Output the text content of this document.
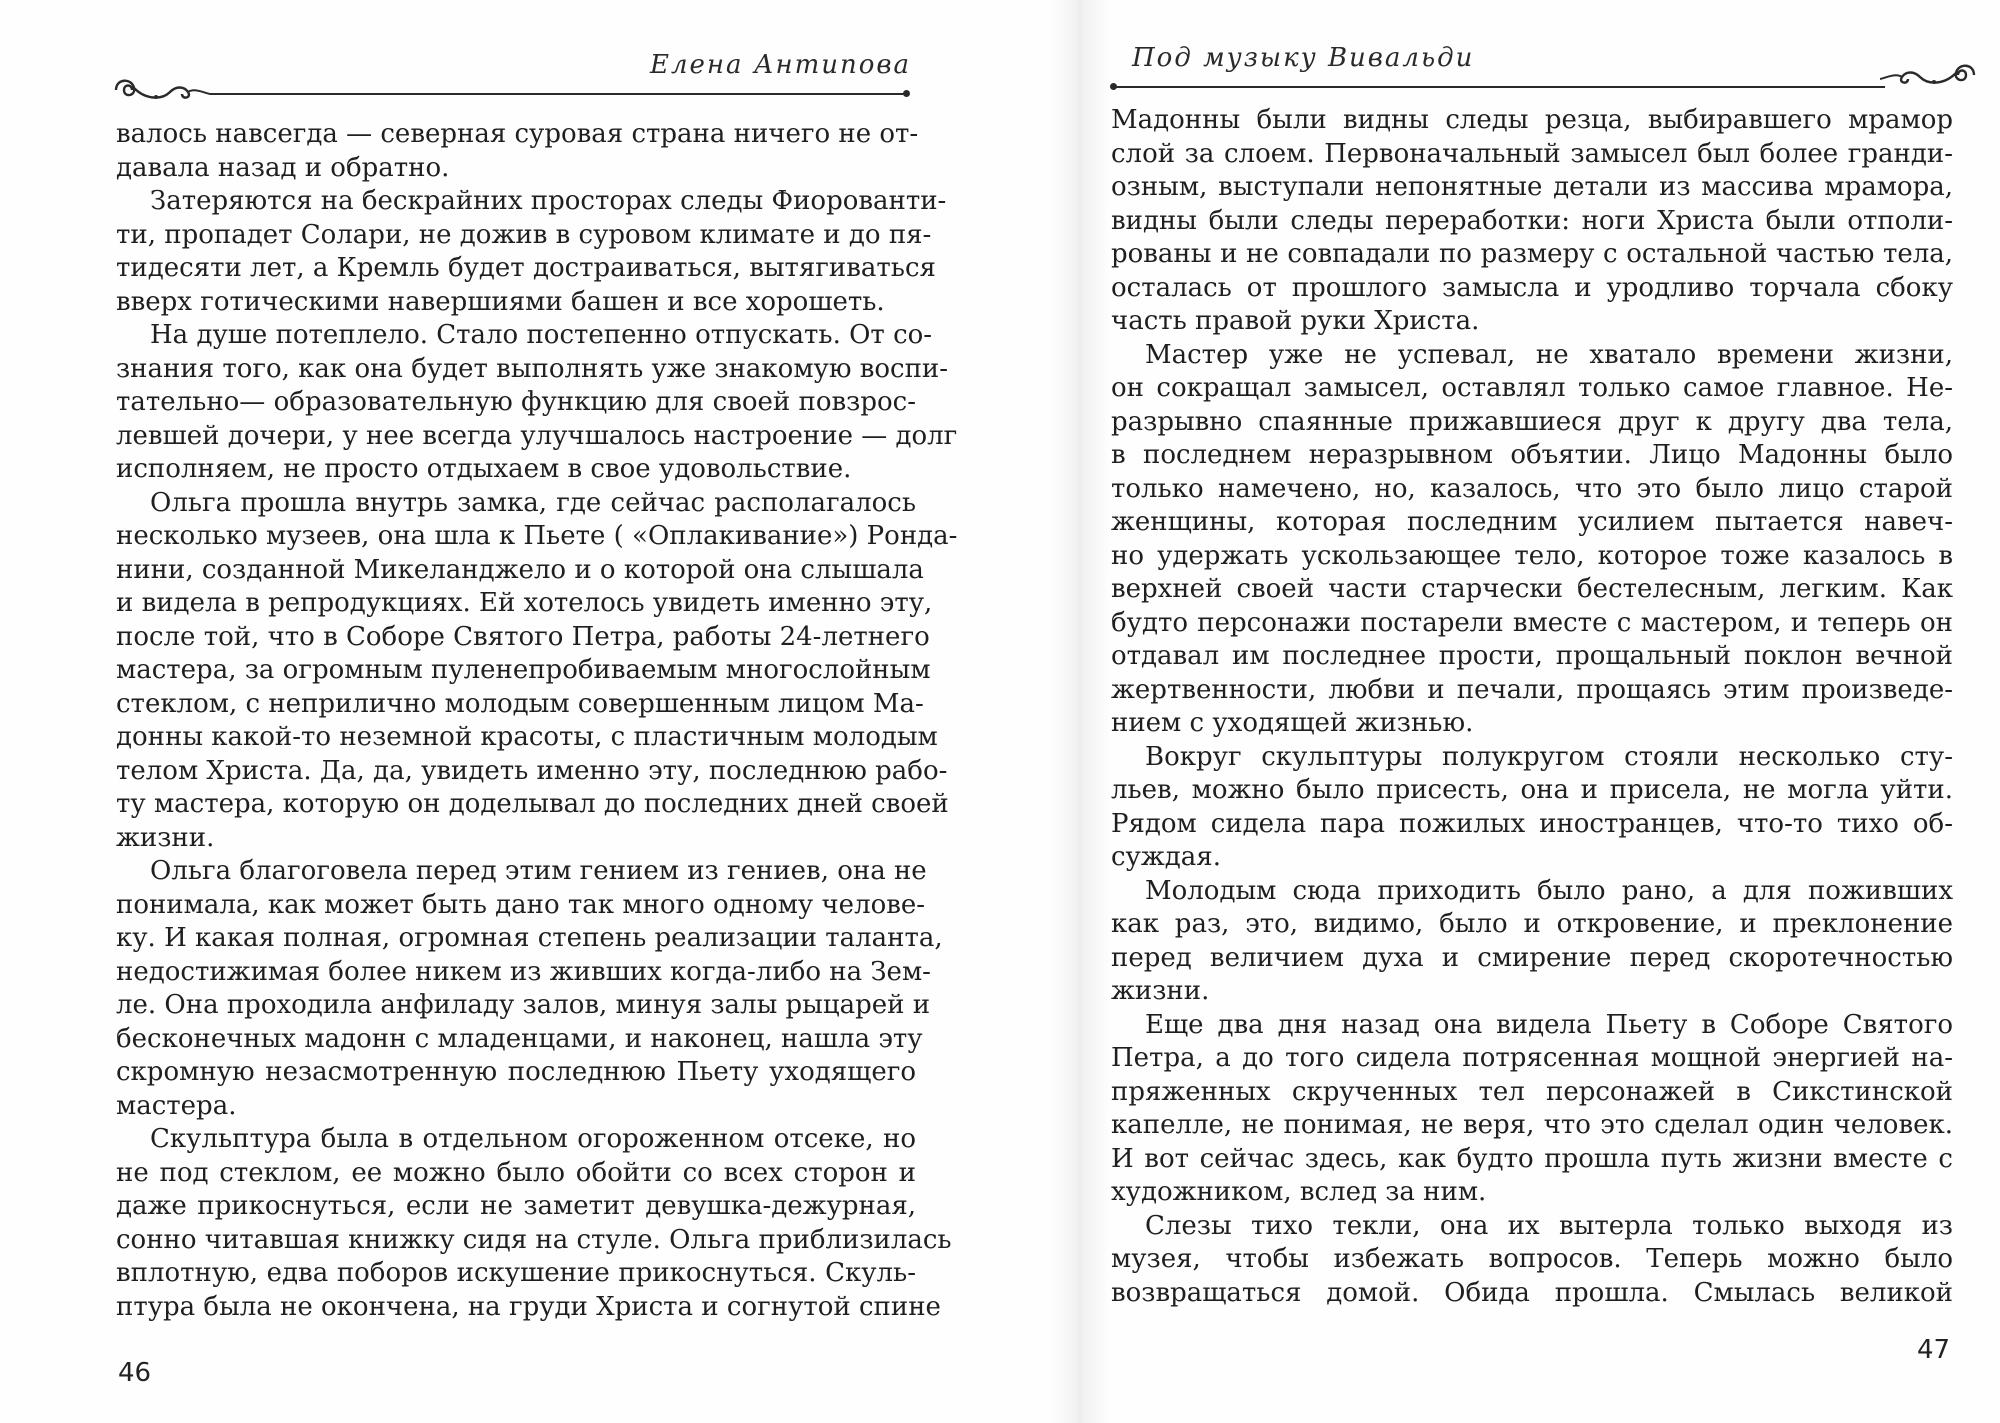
Елена Антипова
валось навсегда — северная суровая страна ничего не от-
давала назад и обратно.
Затеряются на бескрайних просторах следы Фиорованти-
ти, пропадет Солари, не дожив в суровом климате и до пя-
тидесяти лет, а Кремль будет достраиваться, вытягиваться
вверх готическими навершиями башен и все хорошеть.
На душе потеплело. Стало постепенно отпускать. От со-
знания того, как она будет выполнять уже знакомую воспи-
тательно— образовательную функцию для своей повзрос-
левшей дочери, у нее всегда улучшалось настроение — долг
исполняем, не просто отдыхаем в свое удовольствие.
Ольга прошла внутрь замка, где сейчас располагалось
несколько музеев, она шла к Пьете ( «Оплакивание») Ронда-
нини, созданной Микеланджело и о которой она слышала
и видела в репродукциях. Ей хотелось увидеть именно эту,
после той, что в Соборе Святого Петра, работы 24-летнего
мастера, за огромным пуленепробиваемым многослойным
стеклом, с неприлично молодым совершенным лицом Ма-
донны какой-то неземной красоты, с пластичным молодым
телом Христа. Да, да, увидеть именно эту, последнюю рабо-
ту мастера, которую он доделывал до последних дней своей
жизни.
Ольга благоговела перед этим гением из гениев, она не
понимала, как может быть дано так много одному челове-
ку. И какая полная, огромная степень реализации таланта,
недостижимая более никем из живших когда-либо на Зем-
ле. Она проходила анфиладу залов, минуя залы рыцарей и
бесконечных мадонн с младенцами, и наконец, нашла эту
скромную незасмотренную последнюю Пьету уходящего
мастера.
Скульптура была в отдельном огороженном отсеке, но
не под стеклом, ее можно было обойти со всех сторон и
даже прикоснуться, если не заметит девушка-дежурная,
сонно читавшая книжку сидя на стуле. Ольга приблизилась
вплотную, едва поборов искушение прикоснуться. Скуль-
птура была не окончена, на груди Христа и согнутой спине
46
Под музыку Вивальди
Мадонны были видны следы резца, выбиравшего мрамор
слой за слоем. Первоначальный замысел был более гранди-
озным, выступали непонятные детали из массива мрамора,
видны были следы переработки: ноги Христа были отполи-
рованы и не совпадали по размеру с остальной частью тела,
осталась от прошлого замысла и уродливо торчала сбоку
часть правой руки Христа.
Мастер уже не успевал, не хватало времени жизни,
он сокращал замысел, оставлял только самое главное. Не-
разрывно спаянные прижавшиеся друг к другу два тела,
в последнем неразрывном объятии. Лицо Мадонны было
только намечено, но, казалось, что это было лицо старой
женщины, которая последним усилием пытается навеч-
но удержать ускользающее тело, которое тоже казалось в
верхней своей части старчески бестелесным, легким. Как
будто персонажи постарели вместе с мастером, и теперь он
отдавал им последнее прости, прощальный поклон вечной
жертвенности, любви и печали, прощаясь этим произведе-
нием с уходящей жизнью.
Вокруг скульптуры полукругом стояли несколько сту-
льев, можно было присесть, она и присела, не могла уйти.
Рядом сидела пара пожилых иностранцев, что-то тихо об-
суждая.
Молодым сюда приходить было рано, а для поживших
как раз, это, видимо, было и откровение, и преклонение
перед величием духа и смирение перед скоротечностью
жизни.
Еще два дня назад она видела Пьету в Соборе Святого
Петра, а до того сидела потрясенная мощной энергией на-
пряженных скрученных тел персонажей в Сикстинской
капелле, не понимая, не веря, что это сделал один человек.
И вот сейчас здесь, как будто прошла путь жизни вместе с
художником, вслед за ним.
Слезы тихо текли, она их вытерла только выходя из
музея, чтобы избежать вопросов. Теперь можно было
возвращаться домой. Обида прошла. Смылась великой
47
